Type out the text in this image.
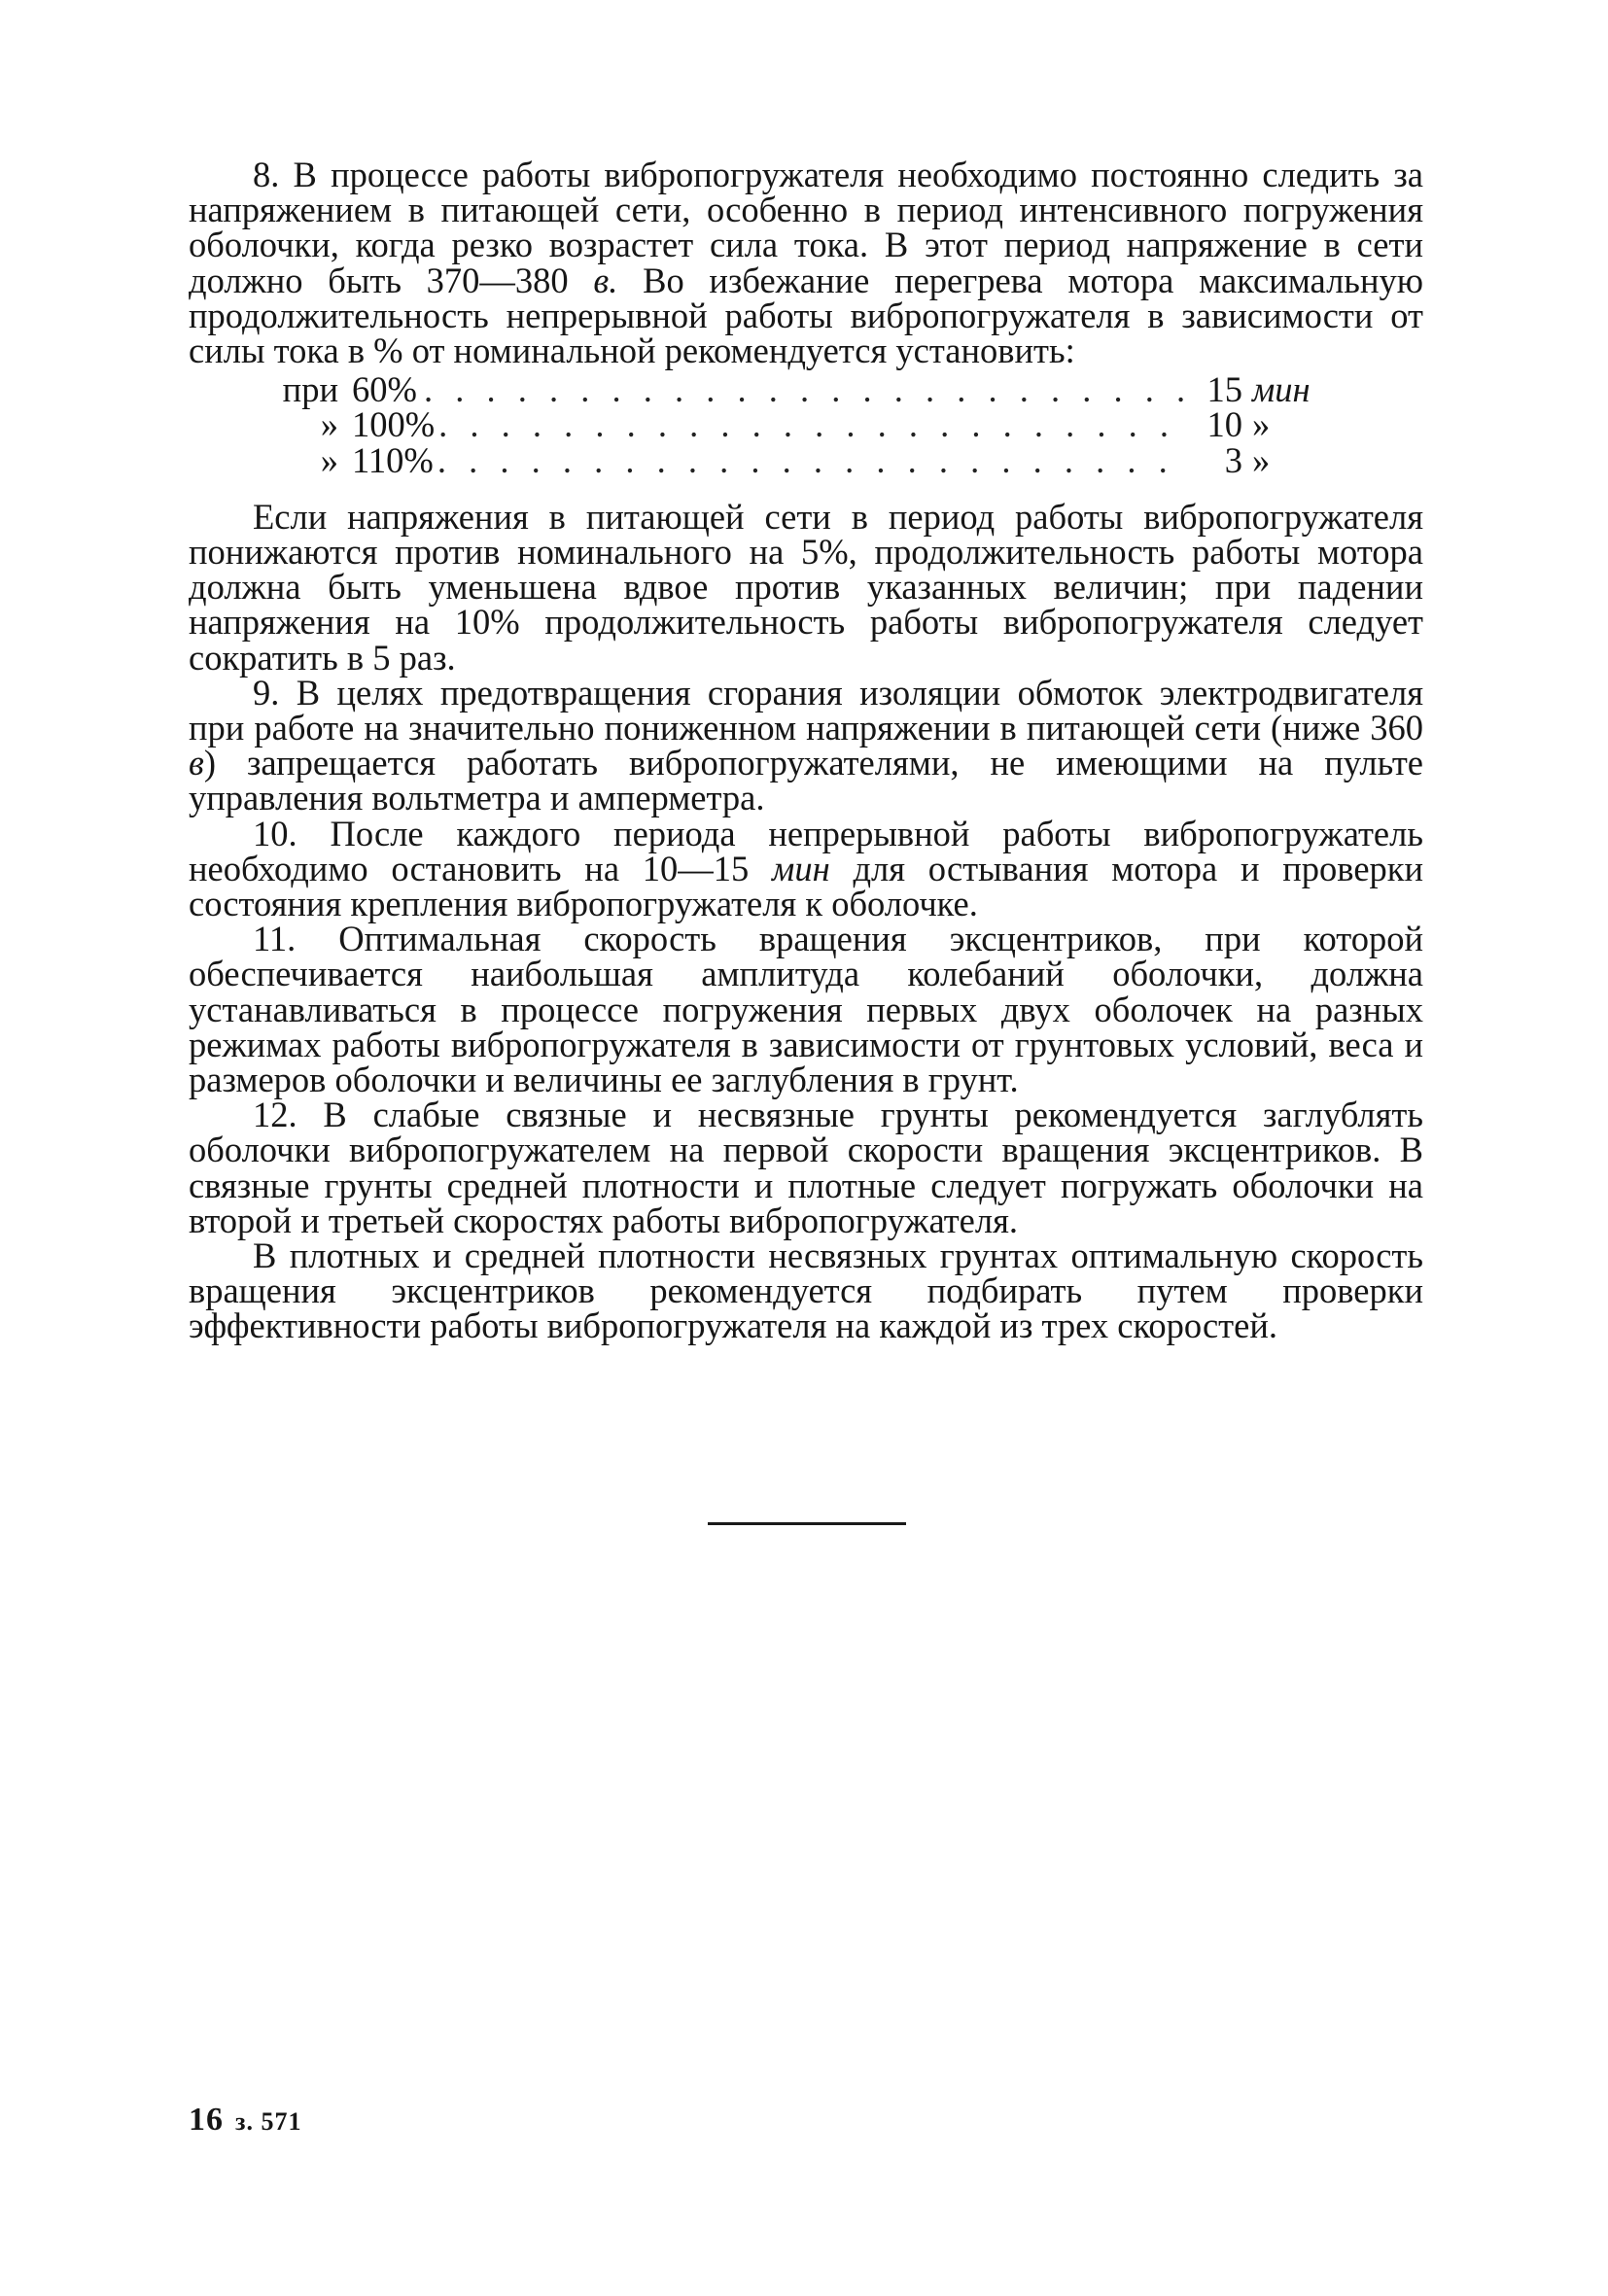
8. В процессе работы вибропогружателя необходимо постоянно следить за напряжением в питающей сети, особенно в период интенсивного погружения оболочки, когда резко возрастет сила тока. В этот период напряжение в сети должно быть 370—380 в. Во избежание перегрева мотора максимальную продолжительность непрерывной работы вибропогружателя в зависимости от силы тока в % от номинальной рекомендуется установить:

при 60% . . .	15 мин
» 100% . . .	10 »
» 110% . . .	3 »

Если напряжения в питающей сети в период работы вибропогружателя понижаются против номинального на 5%, продолжительность работы мотора должна быть уменьшена вдвое против указанных величин; при падении напряжения на 10% продолжительность работы вибропогружателя следует сократить в 5 раз.

9. В целях предотвращения сгорания изоляции обмоток электродвигателя при работе на значительно пониженном напряжении в питающей сети (ниже 360 в) запрещается работать вибропогружателями, не имеющими на пульте управления вольтметра и амперметра.

10. После каждого периода непрерывной работы вибропогружатель необходимо остановить на 10—15 мин для остывания мотора и проверки состояния крепления вибропогружателя к оболочке.

11. Оптимальная скорость вращения эксцентриков, при которой обеспечивается наибольшая амплитуда колебаний оболочки, должна устанавливаться в процессе погружения первых двух оболочек на разных режимах работы вибропогружателя в зависимости от грунтовых условий, веса и размеров оболочки и величины ее заглубления в грунт.

12. В слабые связные и несвязные грунты рекомендуется заглублять оболочки вибропогружателем на первой скорости вращения эксцентриков. В связные грунты средней плотности и плотные следует погружать оболочки на второй и третьей скоростях работы вибропогружателя.

В плотных и средней плотности несвязных грунтах оптимальную скорость вращения эксцентриков рекомендуется подбирать путем проверки эффективности работы вибропогружателя на каждой из трех скоростей.

16 з. 571
